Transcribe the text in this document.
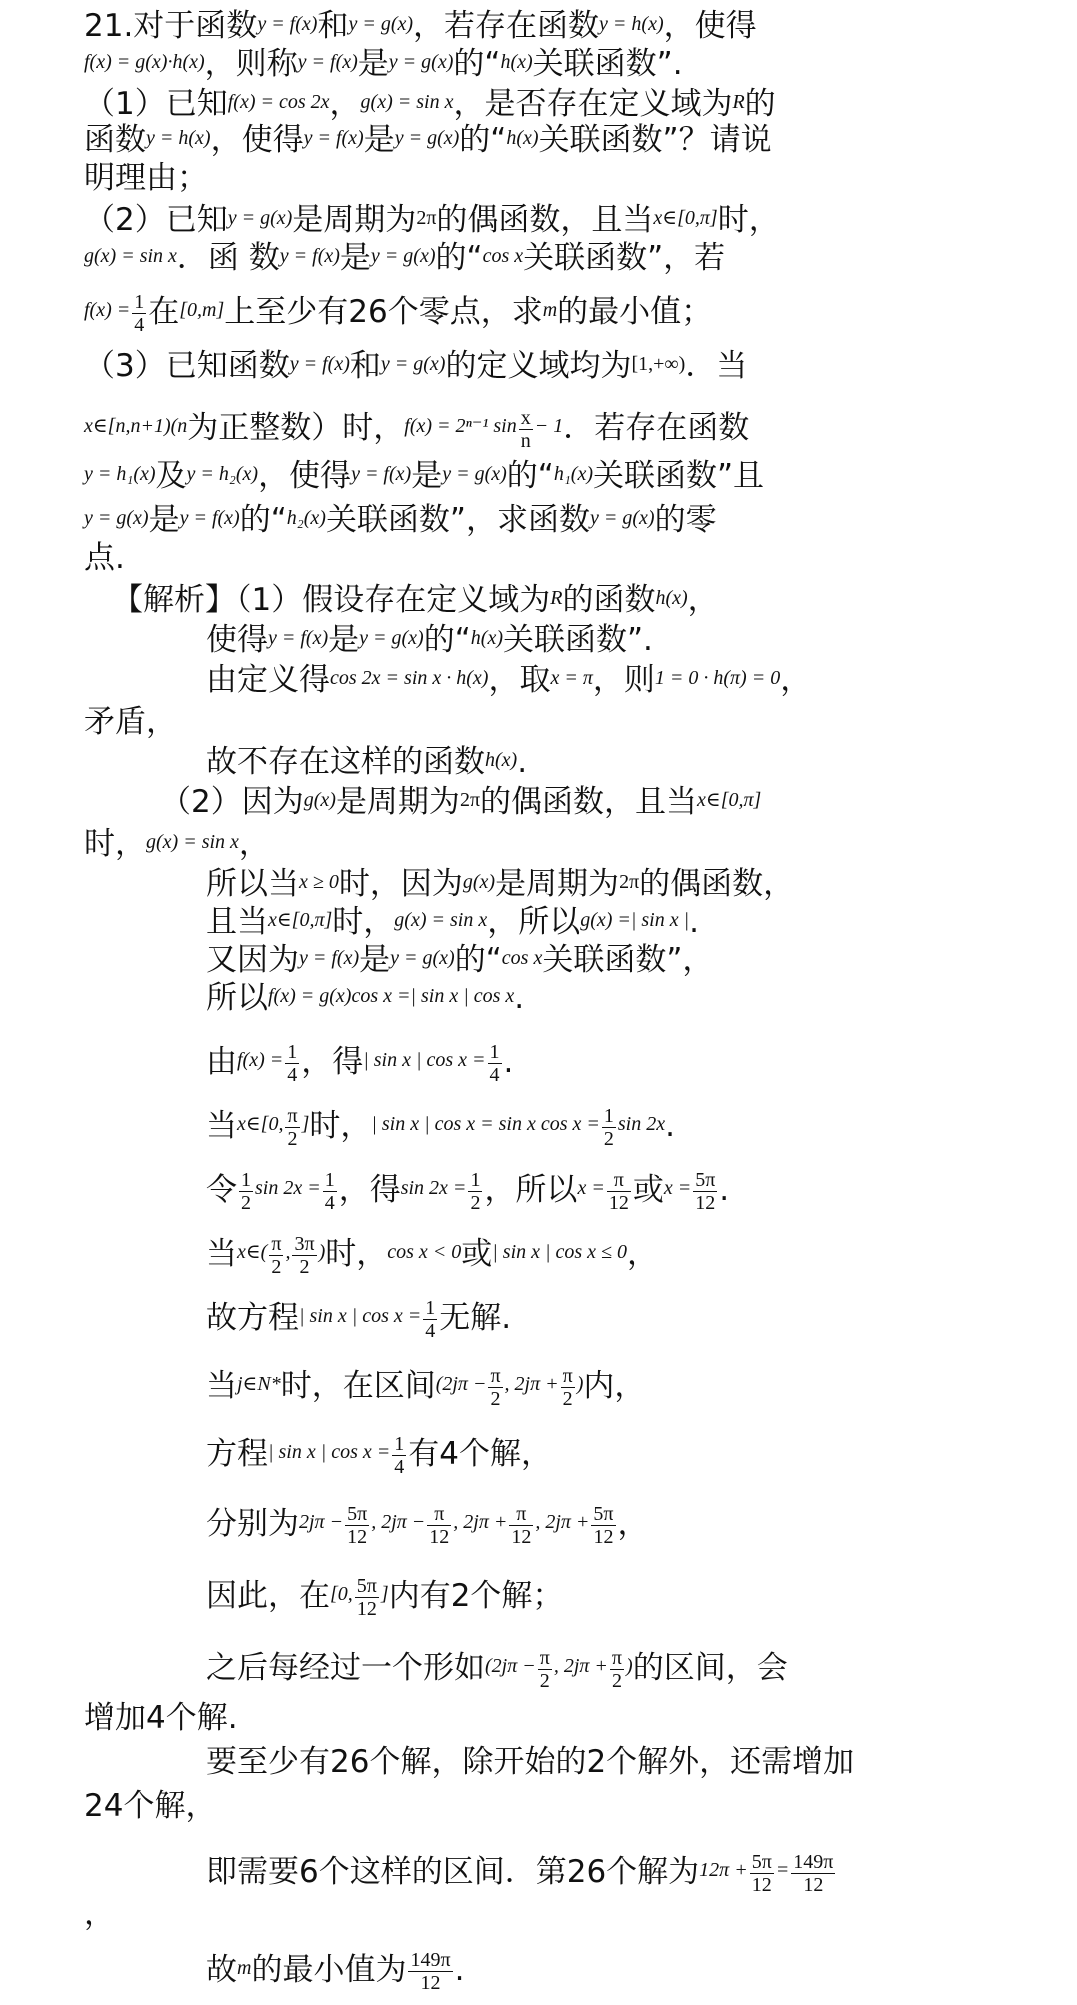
21.对于函数y = f(x)和y = g(x)，若存在函数y = h(x)，使得
f(x) = g(x)·h(x)，则称y = f(x)是y = g(x)的“h(x)关联函数”.
（1）已知f(x) = cos 2x，g(x) = sin x，是否存在定义域为R的
函数y = h(x)，使得y = f(x)是y = g(x)的“h(x)关联函数”？请说
明理由；
（2）已知y = g(x)是周期为2π的偶函数，且当x∈[0,π]时，
g(x) = sin x．函 数y = f(x)是y = g(x)的“cos x关联函数”，若
$f(x) = \frac{1}{4}$ 在[0,m]上至少有26个零点，求m的最小值；
（3）已知函数y = f(x)和y = g(x)的定义域均为[1,+∞)．当
x∈[n,n+1)(n为正整数）时，f(x) = 2ⁿ⁻¹ $\sin \frac{x}{n} - 1$．若存在函数
y = h₁(x)及y = h₂(x)，使得y = f(x)是y = g(x)的“h₁(x)关联函数”且
y = g(x)是y = f(x)的“h₂(x)关联函数”，求函数y = g(x)的零
点.
【解析】（1）假设存在定义域为R的函数h(x)，
使得y = f(x)是y = g(x)的“h(x)关联函数”.
由定义得cos 2x = sin x · h(x)，取x = π，则1 = 0 · h(π) = 0，
矛盾，
故不存在这样的函数h(x).
（2）因为g(x)是周期为2π的偶函数，且当x∈[0,π]
时，g(x) = sin x，
所以当x ≥ 0时，因为g(x)是周期为2π的偶函数，
且当x∈[0,π]时，g(x) = sin x，所以g(x) =| sin x |.
又因为y = f(x)是y = g(x)的“cos x关联函数”，
所以f(x) = g(x)cos x =| sin x | cos x.
由$f(x) = \frac{1}{4}$ ，得| sin x | $\cos x = \frac{1}{4}$ .
当x∈[0, $\frac{\pi}{2}$ ]时，| sin x | cos x = sin x $\cos x = \frac{1}{2}$ sin 2x.
令 $\frac{1}{2}$ $\sin 2x = \frac{1}{4}$ ，得$\sin 2x = \frac{1}{2}$ ，所以$x = \frac{\pi}{12}$ 或$x = \frac{5\pi}{12}$ .
当x∈( $\frac{\pi}{2}$ , $\frac{3\pi}{2}$ )时，cos x < 0或| sin x | cos x ≤ 0，
故方程| sin x | $\cos x = \frac{1}{4}$ 无解.
当j∈N*时，在区间($2j\pi - \frac{\pi}{2}$ , $2j\pi + \frac{\pi}{2}$ )内，
方程| sin x | $\cos x = \frac{1}{4}$ 有4个解，
分别为$2j\pi - \frac{5\pi}{12}$ , $2j\pi - \frac{\pi}{12}$ , $2j\pi + \frac{\pi}{12}$ , $2j\pi + \frac{5\pi}{12}$ ，
因此，在[0, $\frac{5\pi}{12}$ ]内有2个解；
之后每经过一个形如($2j\pi - \frac{\pi}{2}$ , $2j\pi + \frac{\pi}{2}$ )的区间，会
增加4个解.
要至少有26个解，除开始的2个解外，还需增加
24个解，
即需要6个这样的区间．第26个解为$12\pi + \frac{5\pi}{12} = \frac{149\pi}{12}$
，
故m的最小值为 $\frac{149\pi}{12}$ .
